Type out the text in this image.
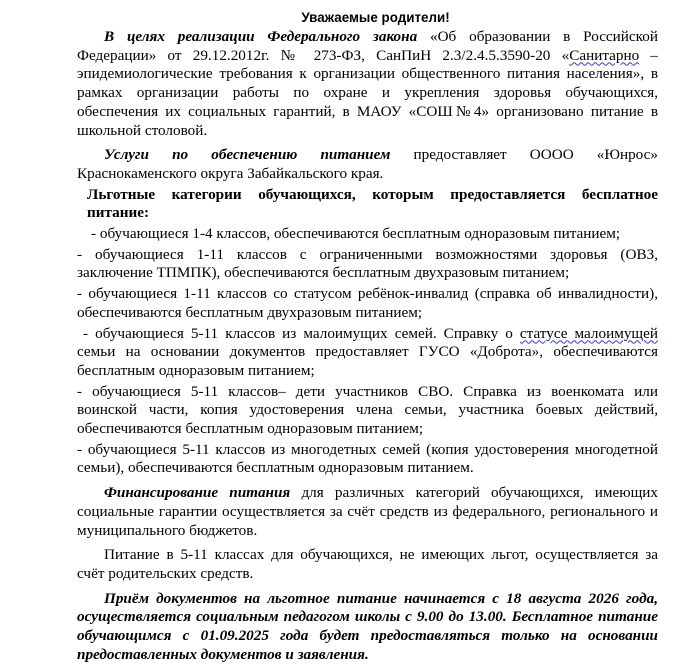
Уважаемые родители!

В целях реализации Федерального закона «Об образовании в Российской Федерации» от 29.12.2012г. № 273-ФЗ, СанПиН 2.3/2.4.5.3590-20 «Санитарно – эпидемиологические требования к организации общественного питания населения», в рамках организации работы по охране и укрепления здоровья обучающихся, обеспечения их социальных гарантий, в МАОУ «СОШ№4» организовано питание в школьной столовой.

Услуги по обеспечению питанием предоставляет ОООО «Юнрос» Краснокаменского округа Забайкальского края.

Льготные категории обучающихся, которым предоставляется бесплатное питание:

- обучающиеся 1-4 классов, обеспечиваются бесплатным одноразовым питанием;

- обучающиеся 1-11 классов с ограниченными возможностями здоровья (ОВЗ, заключение ТПМПК), обеспечиваются бесплатным двухразовым питанием;

- обучающиеся 1-11 классов со статусом ребёнок-инвалид (справка об инвалидности), обеспечиваются бесплатным двухразовым питанием;

- обучающиеся 5-11 классов из малоимущих семей. Справку о статусе малоимущей семьи на основании документов предоставляет ГУСО «Доброта», обеспечиваются бесплатным одноразовым питанием;

- обучающиеся 5-11 классов– дети участников СВО. Справка из военкомата или воинской части, копия удостоверения члена семьи, участника боевых действий, обеспечиваются бесплатным одноразовым питанием;

- обучающиеся 5-11 классов из многодетных семей (копия удостоверения многодетной семьи), обеспечиваются бесплатным одноразовым питанием.

Финансирование питания для различных категорий обучающихся, имеющих социальные гарантии осуществляется за счёт средств из федерального, регионального и муниципального бюджетов.

Питание в 5-11 классах для обучающихся, не имеющих льгот, осуществляется за счёт родительских средств.

Приём документов на льготное питание начинается с 18 августа 2026 года, осуществляется социальным педагогом школы с 9.00 до 13.00. Бесплатное питание обучающимся с 01.09.2025 года будет предоставляться только на основании предоставленных документов и заявления.
